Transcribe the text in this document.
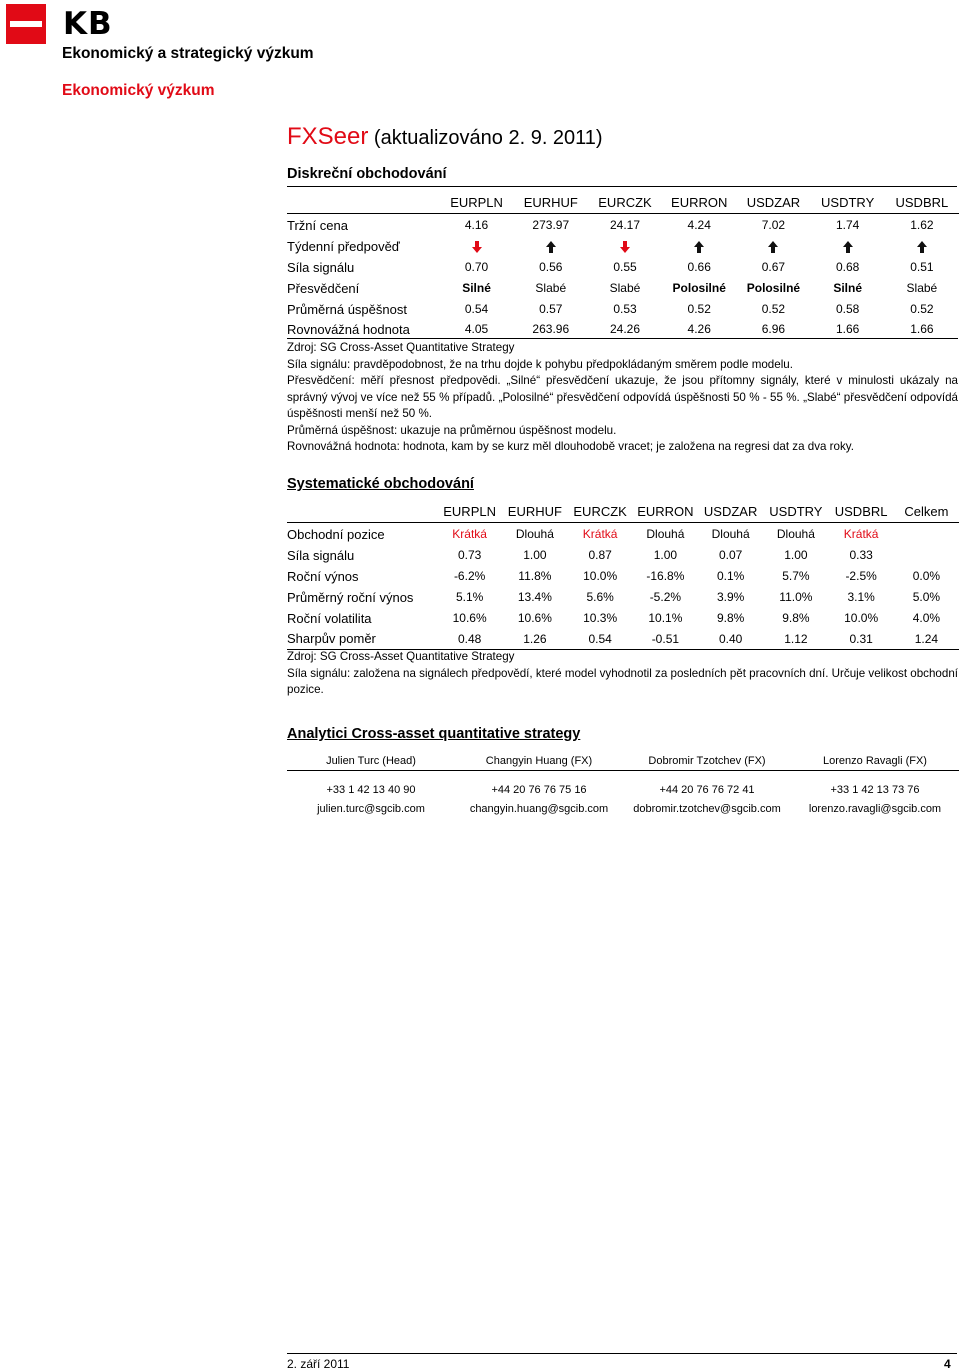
KB
Ekonomický a strategický výzkum
Ekonomický výzkum
FXSeer (aktualizováno 2. 9. 2011)
Diskreční obchodování
	EURPLN	EURHUF	EURCZK	EURRON	USDZAR	USDTRY	USDBRL

Tržní cena	4.16	273.97	24.17	4.24	7.02	1.74	1.62
Týdenní předpověď							
Síla signálu	0.70	0.56	0.55	0.66	0.67	0.68	0.51
Přesvědčení	Silné	Slabé	Slabé	Polosilné	Polosilné	Silné	Slabé
Průměrná úspěšnost	0.54	0.57	0.53	0.52	0.52	0.58	0.52
Rovnovážná hodnota	4.05	263.96	24.26	4.26	6.96	1.66	1.66
Zdroj: SG Cross-Asset Quantitative Strategy
Síla signálu: pravděpodobnost, že na trhu dojde k pohybu předpokládaným směrem podle modelu.
Přesvědčení: měří přesnost předpovědi. „Silné“ přesvědčení ukazuje, že jsou přítomny signály, které v minulosti ukázaly na správný vývoj ve více než 55 % případů. „Polosilné“ přesvědčení odpovídá úspěšnosti 50 % - 55 %. „Slabé“ přesvědčení odpovídá úspěšnosti menší než 50 %.
Průměrná úspěšnost: ukazuje na průměrnou úspěšnost modelu.
Rovnovážná hodnota: hodnota, kam by se kurz měl dlouhodobě vracet; je založena na regresi dat za dva roky.
Systematické obchodování
	EURPLN	EURHUF	EURCZK	EURRON	USDZAR	USDTRY	USDBRL	Celkem

Obchodní pozice	Krátká	Dlouhá	Krátká	Dlouhá	Dlouhá	Dlouhá	Krátká	
Síla signálu	0.73	1.00	0.87	1.00	0.07	1.00	0.33	
Roční výnos	-6.2%	11.8%	10.0%	-16.8%	0.1%	5.7%	-2.5%	0.0%
Průměrný roční výnos	5.1%	13.4%	5.6%	-5.2%	3.9%	11.0%	3.1%	5.0%
Roční volatilita	10.6%	10.6%	10.3%	10.1%	9.8%	9.8%	10.0%	4.0%
Sharpův poměr	0.48	1.26	0.54	-0.51	0.40	1.12	0.31	1.24

Zdroj: SG Cross-Asset Quantitative Strategy
Síla signálu: založena na signálech předpovědí, které model vyhodnotil za posledních pět pracovních dní. Určuje velikost obchodní pozice.
Analytici Cross-asset quantitative strategy
Julien Turc (Head)	Changyin Huang (FX)	Dobromir Tzotchev (FX)	Lorenzo Ravagli (FX)

+33 1 42 13 40 90	+44 20 76 76 75 16	+44 20 76 76 72 41	+33 1 42 13 73 76
julien.turc@sgcib.com	changyin.huang@sgcib.com	dobromir.tzotchev@sgcib.com	lorenzo.ravagli@sgcib.com
2. září 2011	4
